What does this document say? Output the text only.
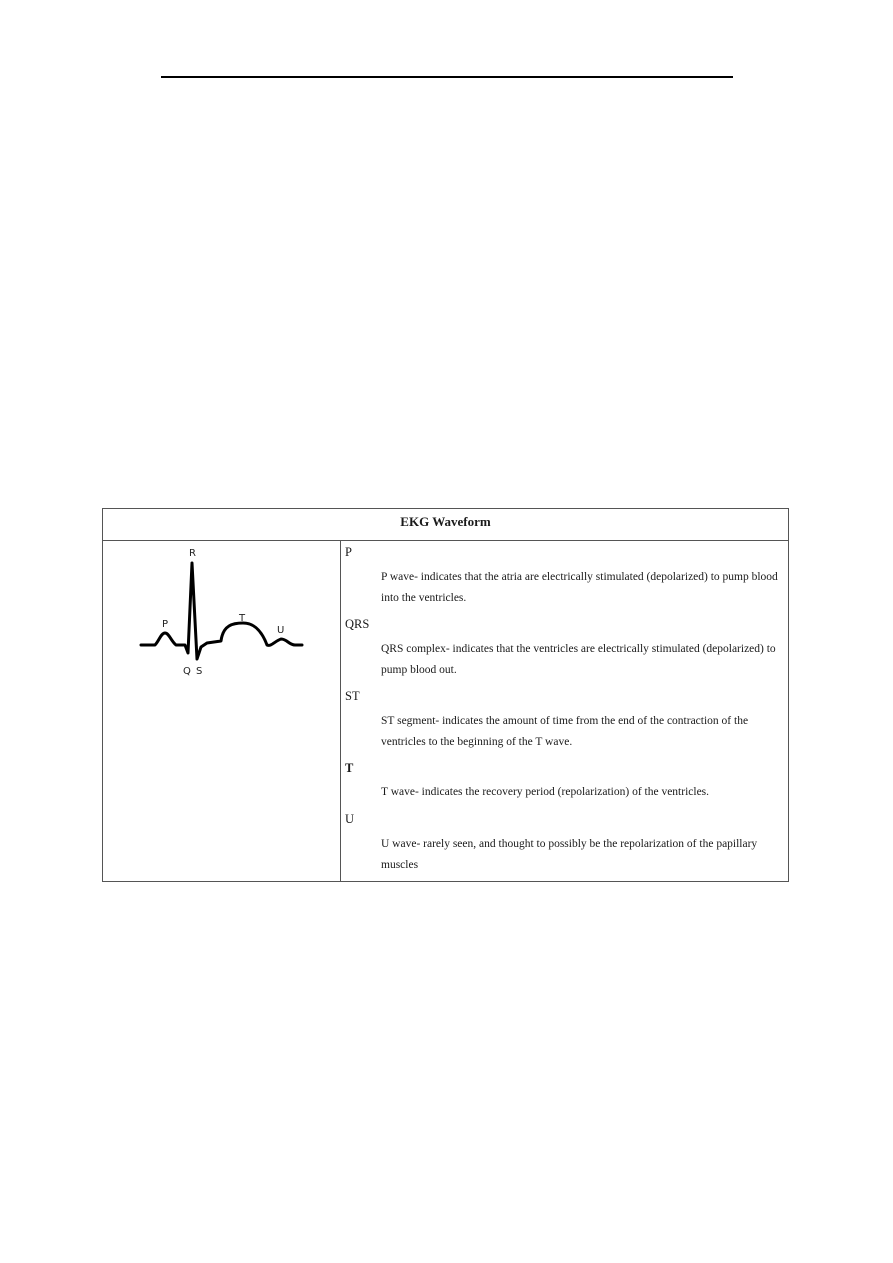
EKG Waveform
P
R
T
U
Q S
P
P wave- indicates that the atria are electrically stimulated (depolarized) to pump blood into the ventricles.
QRS
QRS complex- indicates that the ventricles are electrically stimulated (depolarized) to pump blood out.
ST
ST segment- indicates the amount of time from the end of the contraction of the ventricles to the beginning of the T wave.
T
T wave- indicates the recovery period (repolarization) of the ventricles.
U
U wave- rarely seen, and thought to possibly be the repolarization of the papillary muscles
